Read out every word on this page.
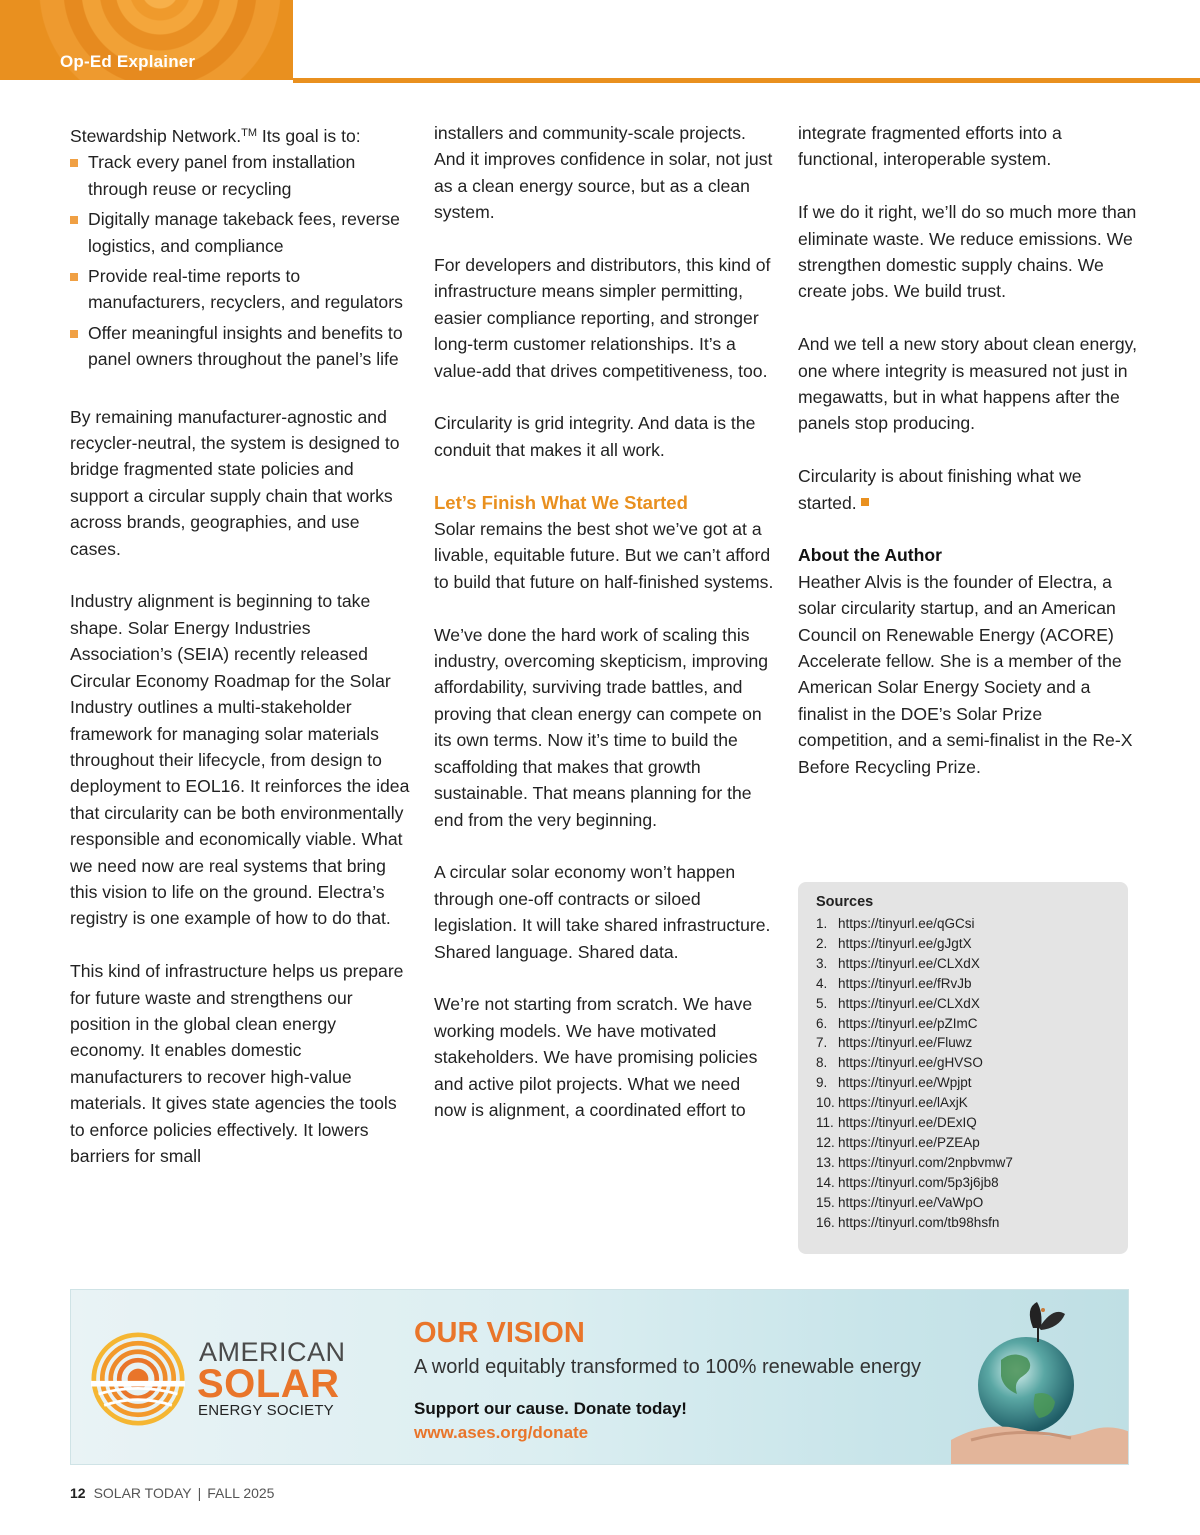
Op-Ed Explainer

Stewardship Network.™ Its goal is to:

Track every panel from installation through reuse or recycling
Digitally manage takeback fees, reverse logistics, and compliance
Provide real-time reports to manufacturers, recyclers, and regulators
Offer meaningful insights and benefits to panel owners throughout the panel’s life

By remaining manufacturer-agnostic and recycler-neutral, the system is designed to bridge fragmented state policies and support a circular supply chain that works across brands, geographies, and use cases.

Industry alignment is beginning to take shape. Solar Energy Industries Association’s (SEIA) recently released Circular Economy Roadmap for the Solar Industry outlines a multi-stakeholder framework for managing solar materials throughout their lifecycle, from design to deployment to EOL16. It reinforces the idea that circularity can be both environmentally responsible and economically viable. What we need now are real systems that bring this vision to life on the ground. Electra’s registry is one example of how to do that.

This kind of infrastructure helps us prepare for future waste and strengthens our position in the global clean energy economy. It enables domestic manufacturers to recover high-value materials. It gives state agencies the tools to enforce policies effectively. It lowers barriers for small

installers and community-scale projects. And it improves confidence in solar, not just as a clean energy source, but as a clean system.

For developers and distributors, this kind of infrastructure means simpler permitting, easier compliance reporting, and stronger long-term customer relationships. It’s a value-add that drives competitiveness, too.

Circularity is grid integrity. And data is the conduit that makes it all work.

Let’s Finish What We Started

Solar remains the best shot we’ve got at a livable, equitable future. But we can’t afford to build that future on half-finished systems.

We’ve done the hard work of scaling this industry, overcoming skepticism, improving affordability, surviving trade battles, and proving that clean energy can compete on its own terms. Now it’s time to build the scaffolding that makes that growth sustainable. That means planning for the end from the very beginning.

A circular solar economy won’t happen through one-off contracts or siloed legislation. It will take shared infrastructure. Shared language. Shared data.

We’re not starting from scratch. We have working models. We have motivated stakeholders. We have promising policies and active pilot projects. What we need now is alignment, a coordinated effort to

integrate fragmented efforts into a functional, interoperable system.

If we do it right, we’ll do so much more than eliminate waste. We reduce emissions. We strengthen domestic supply chains. We create jobs. We build trust.

And we tell a new story about clean energy, one where integrity is measured not just in megawatts, but in what happens after the panels stop producing.

Circularity is about finishing what we started.

About the Author

Heather Alvis is the founder of Electra, a solar circularity startup, and an American Council on Renewable Energy (ACORE) Accelerate fellow. She is a member of the American Solar Energy Society and a finalist in the DOE’s Solar Prize competition, and a semi-finalist in the Re-X Before Recycling Prize.

Sources
1. https://tinyurl.ee/qGCsi
2. https://tinyurl.ee/gJgtX
3. https://tinyurl.ee/CLXdX
4. https://tinyurl.ee/fRvJb
5. https://tinyurl.ee/CLXdX
6. https://tinyurl.ee/pZImC
7. https://tinyurl.ee/Fluwz
8. https://tinyurl.ee/gHVSO
9. https://tinyurl.ee/Wpjpt
10. https://tinyurl.ee/lAxjK
11. https://tinyurl.ee/DExIQ
12. https://tinyurl.ee/PZEAp
13. https://tinyurl.com/2npbvmw7
14. https://tinyurl.com/5p3j6jb8
15. https://tinyurl.ee/VaWpO
16. https://tinyurl.com/tb98hsfn
AMERICAN
SOLAR
ENERGY SOCIETY
OUR VISION
A world equitably transformed to 100% renewable energy
Support our cause. Donate today!
www.ases.org/donate
12 SOLAR TODAY | FALL 2025
